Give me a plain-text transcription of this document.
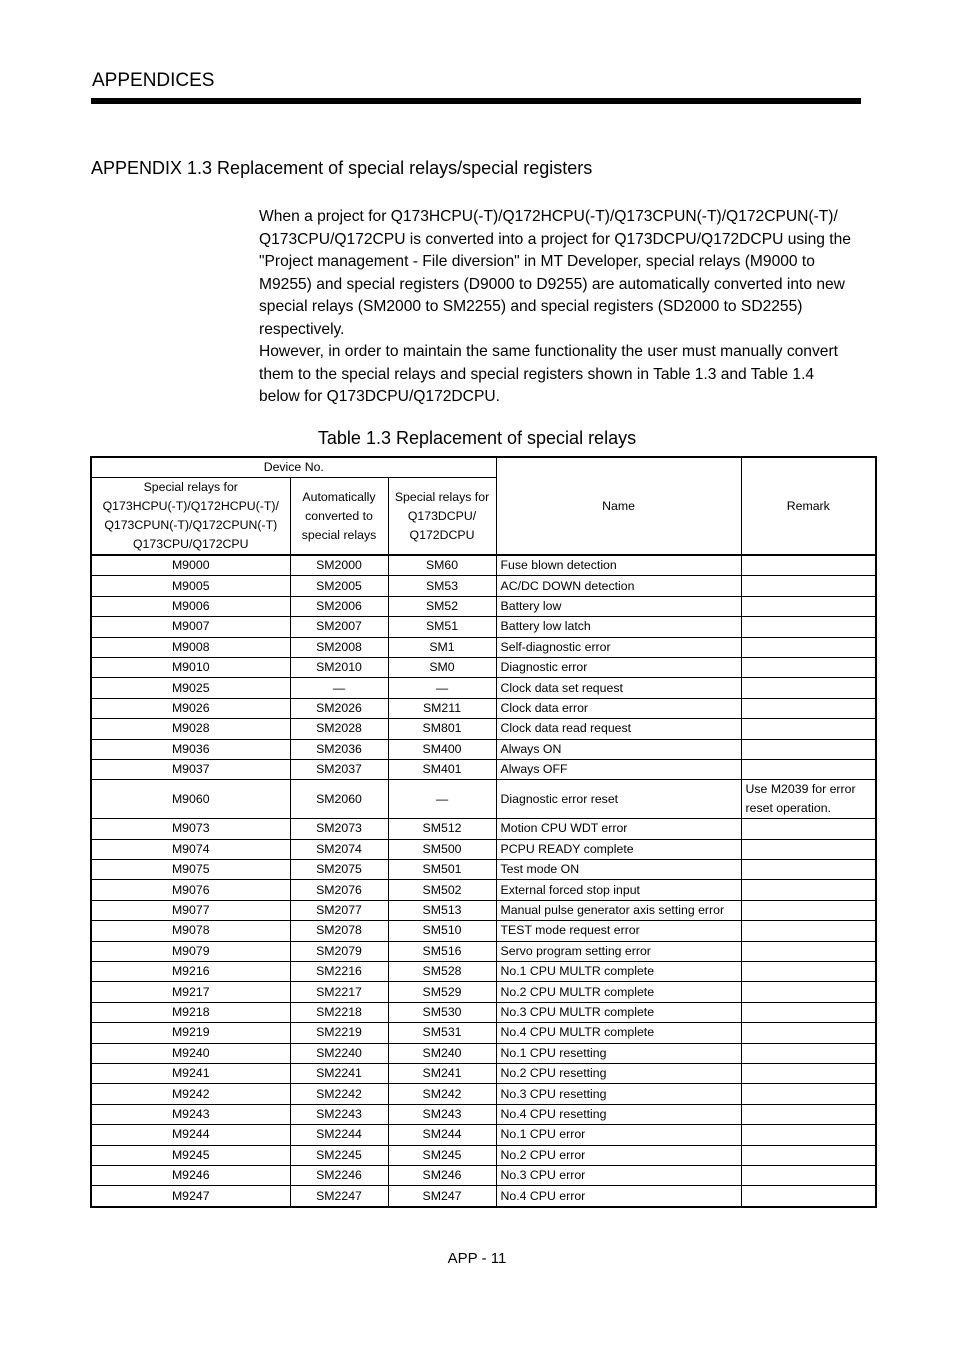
APPENDICES
APPENDIX 1.3 Replacement of special relays/special registers

When a project for Q173HCPU(-T)/Q172HCPU(-T)/Q173CPUN(-T)/Q172CPUN(-T)/
Q173CPU/Q172CPU is converted into a project for Q173DCPU/Q172DCPU using the
"Project management - File diversion" in MT Developer, special relays (M9000 to
M9255) and special registers (D9000 to D9255) are automatically converted into new
special relays (SM2000 to SM2255) and special registers (SD2000 to SD2255)
respectively.

However, in order to maintain the same functionality the user must manually convert
them to the special relays and special registers shown in Table 1.3 and Table 1.4
below for Q173DCPU/Q172DCPU.

Table 1.3 Replacement of special relays
Device No.			Name	Remark

Special relays for
Q173HCPU(-T)/Q172HCPU(-T)/
Q173CPUN(-T)/Q172CPUN(-T)
Q173CPU/Q172CPU	Automatically
converted to
special relays	Special relays for
Q173DCPU/
Q172DCPU		

M9000	SM2000	SM60	Fuse blown detection	
M9005	SM2005	SM53	AC/DC DOWN detection	
M9006	SM2006	SM52	Battery low	
M9007	SM2007	SM51	Battery low latch	
M9008	SM2008	SM1	Self-diagnostic error	
M9010	SM2010	SM0	Diagnostic error	
M9025	—	—	Clock data set request	
M9026	SM2026	SM211	Clock data error	
M9028	SM2028	SM801	Clock data read request	
M9036	SM2036	SM400	Always ON	
M9037	SM2037	SM401	Always OFF	
M9060	SM2060	—	Diagnostic error reset	Use M2039 for error
reset operation.

M9073	SM2073	SM512	Motion CPU WDT error	
M9074	SM2074	SM500	PCPU READY complete	
M9075	SM2075	SM501	Test mode ON	
M9076	SM2076	SM502	External forced stop input	
M9077	SM2077	SM513	Manual pulse generator axis setting error	
M9078	SM2078	SM510	TEST mode request error	
M9079	SM2079	SM516	Servo program setting error	
M9216	SM2216	SM528	No.1 CPU MULTR complete	
M9217	SM2217	SM529	No.2 CPU MULTR complete	
M9218	SM2218	SM530	No.3 CPU MULTR complete	
M9219	SM2219	SM531	No.4 CPU MULTR complete	
M9240	SM2240	SM240	No.1 CPU resetting	
M9241	SM2241	SM241	No.2 CPU resetting	
M9242	SM2242	SM242	No.3 CPU resetting	
M9243	SM2243	SM243	No.4 CPU resetting	
M9244	SM2244	SM244	No.1 CPU error	
M9245	SM2245	SM245	No.2 CPU error	
M9246	SM2246	SM246	No.3 CPU error	
M9247	SM2247	SM247	No.4 CPU error	
APP - 11
